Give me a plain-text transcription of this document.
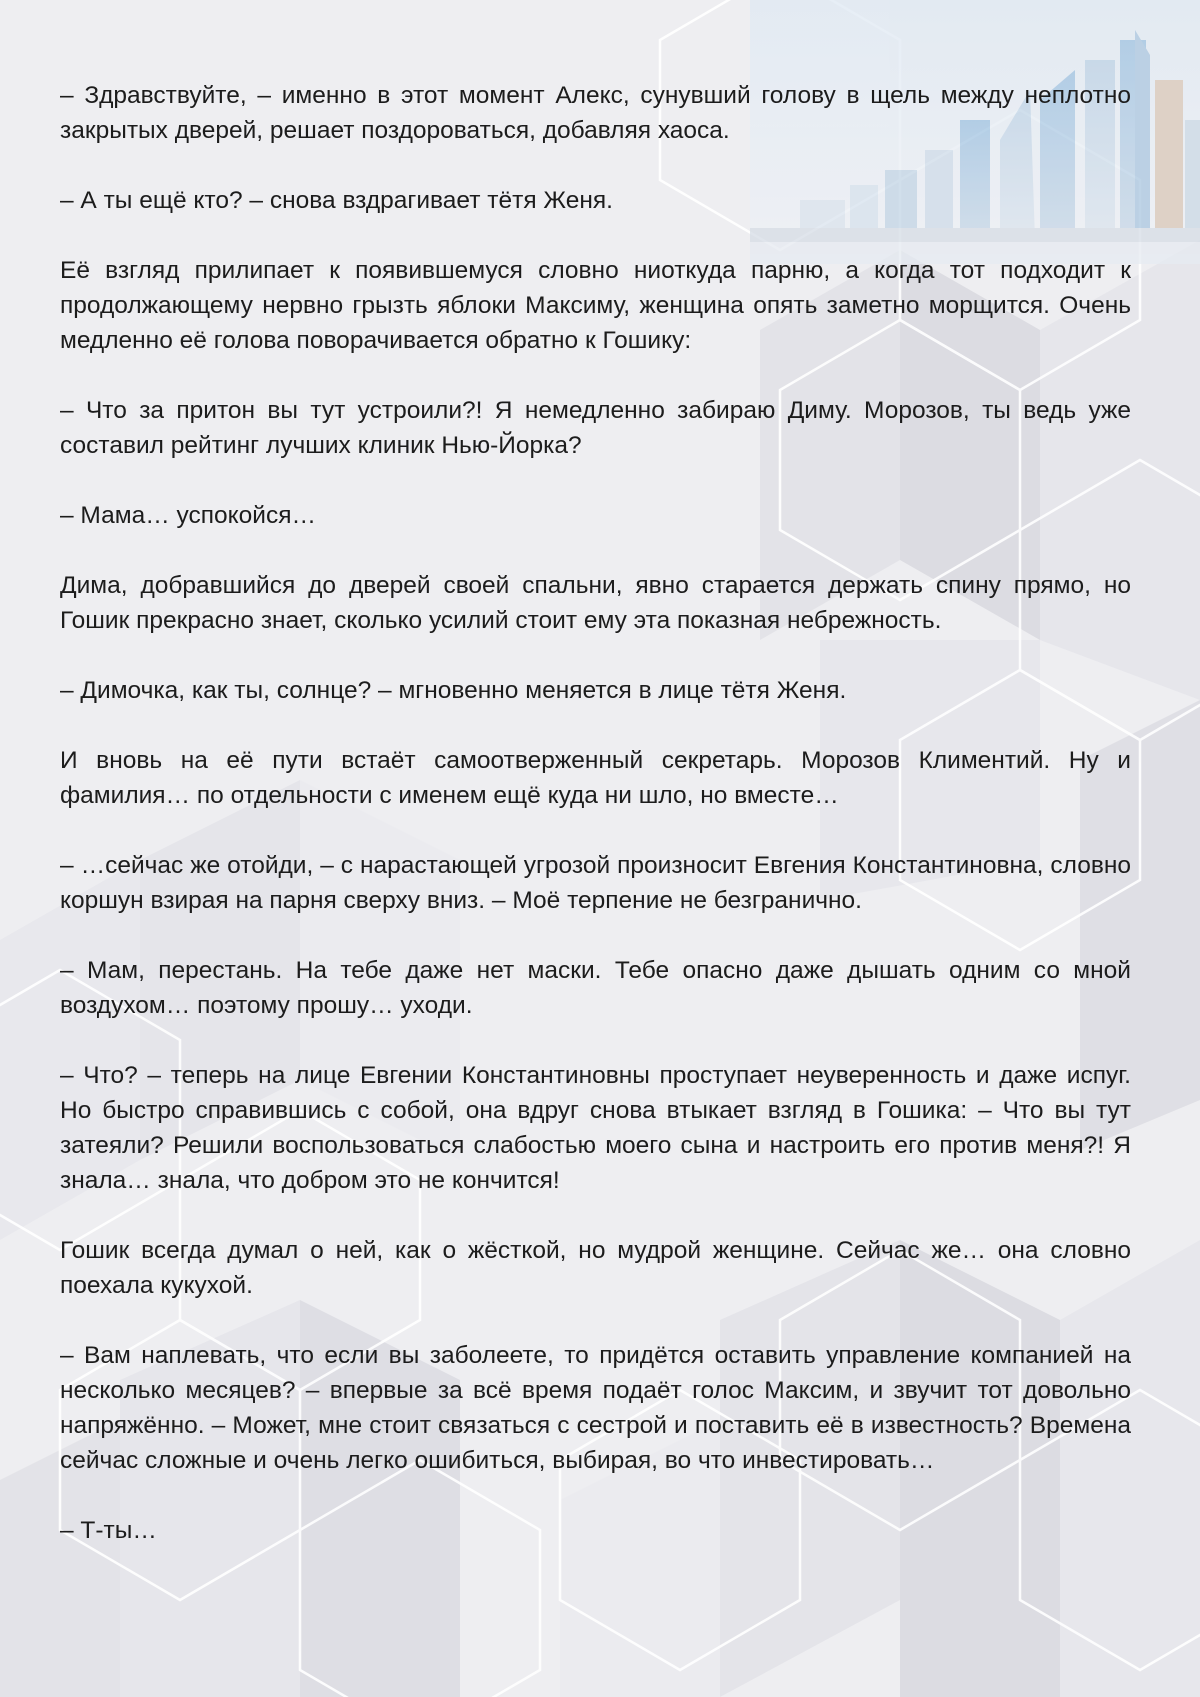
– Здравствуйте, – именно в этот момент Алекс, сунувший голову в щель между неплотно закрытых дверей, решает поздороваться, добавляя хаоса.

– А ты ещё кто? – снова вздрагивает тётя Женя.

Её взгляд прилипает к появившемуся словно ниоткуда парню, а когда тот подходит к продолжающему нервно грызть яблоки Максиму, женщина опять заметно морщится. Очень медленно её голова поворачивается обратно к Гошику:

– Что за притон вы тут устроили?! Я немедленно забираю Диму. Морозов, ты ведь уже составил рейтинг лучших клиник Нью-Йорка?

– Мама… успокойся…

Дима, добравшийся до дверей своей спальни, явно старается держать спину прямо, но Гошик прекрасно знает, сколько усилий стоит ему эта показная небрежность.

– Димочка, как ты, солнце? – мгновенно меняется в лице тётя Женя.

И вновь на её пути встаёт самоотверженный секретарь. Морозов Климентий. Ну и фамилия… по отдельности с именем ещё куда ни шло, но вместе…

– …сейчас же отойди, – с нарастающей угрозой произносит Евгения Константиновна, словно коршун взирая на парня сверху вниз. – Моё терпение не безгранично.

– Мам, перестань. На тебе даже нет маски. Тебе опасно даже дышать одним со мной воздухом… поэтому прошу… уходи.

– Что? – теперь на лице Евгении Константиновны проступает неуверенность и даже испуг. Но быстро справившись с собой, она вдруг снова втыкает взгляд в Гошика: – Что вы тут затеяли? Решили воспользоваться слабостью моего сына и настроить его против меня?! Я знала… знала, что добром это не кончится!

Гошик всегда думал о ней, как о жёсткой, но мудрой женщине. Сейчас же… она словно поехала кукухой.

– Вам наплевать, что если вы заболеете, то придётся оставить управление компанией на несколько месяцев? – впервые за всё время подаёт голос Максим, и звучит тот довольно напряжённо. – Может, мне стоит связаться с сестрой и поставить её в известность? Времена сейчас сложные и очень легко ошибиться, выбирая, во что инвестировать…

– Т-ты…
